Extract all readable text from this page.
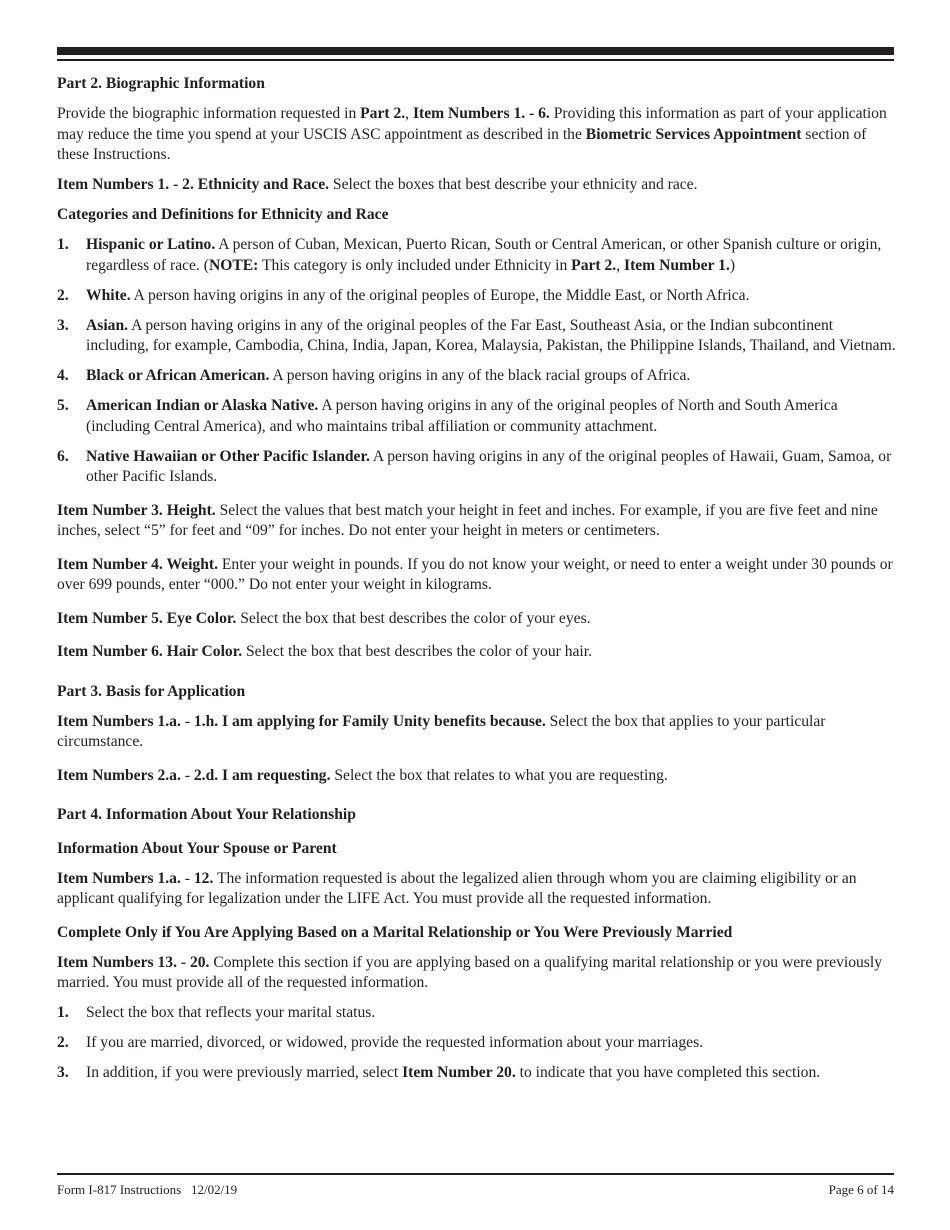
Part 2. Biographic Information

Provide the biographic information requested in Part 2., Item Numbers 1. - 6. Providing this information as part of your application may reduce the time you spend at your USCIS ASC appointment as described in the Biometric Services Appointment section of these Instructions.

Item Numbers 1. - 2. Ethnicity and Race. Select the boxes that best describe your ethnicity and race.

Categories and Definitions for Ethnicity and Race
1. Hispanic or Latino. A person of Cuban, Mexican, Puerto Rican, South or Central American, or other Spanish culture or origin, regardless of race. (NOTE: This category is only included under Ethnicity in Part 2., Item Number 1.)
2. White. A person having origins in any of the original peoples of Europe, the Middle East, or North Africa.
3. Asian. A person having origins in any of the original peoples of the Far East, Southeast Asia, or the Indian subcontinent including, for example, Cambodia, China, India, Japan, Korea, Malaysia, Pakistan, the Philippine Islands, Thailand, and Vietnam.
4. Black or African American. A person having origins in any of the black racial groups of Africa.
5. American Indian or Alaska Native. A person having origins in any of the original peoples of North and South America (including Central America), and who maintains tribal affiliation or community attachment.
6. Native Hawaiian or Other Pacific Islander. A person having origins in any of the original peoples of Hawaii, Guam, Samoa, or other Pacific Islands.

Item Number 3. Height. Select the values that best match your height in feet and inches. For example, if you are five feet and nine inches, select “5” for feet and “09” for inches. Do not enter your height in meters or centimeters.

Item Number 4. Weight. Enter your weight in pounds. If you do not know your weight, or need to enter a weight under 30 pounds or over 699 pounds, enter “000.” Do not enter your weight in kilograms.

Item Number 5. Eye Color. Select the box that best describes the color of your eyes.

Item Number 6. Hair Color. Select the box that best describes the color of your hair.

Part 3. Basis for Application

Item Numbers 1.a. - 1.h. I am applying for Family Unity benefits because. Select the box that applies to your particular circumstance.

Item Numbers 2.a. - 2.d. I am requesting. Select the box that relates to what you are requesting.

Part 4. Information About Your Relationship
Information About Your Spouse or Parent

Item Numbers 1.a. - 12. The information requested is about the legalized alien through whom you are claiming eligibility or an applicant qualifying for legalization under the LIFE Act. You must provide all the requested information.

Complete Only if You Are Applying Based on a Marital Relationship or You Were Previously Married

Item Numbers 13. - 20. Complete this section if you are applying based on a qualifying marital relationship or you were previously married. You must provide all of the requested information.

1. Select the box that reflects your marital status.
2. If you are married, divorced, or widowed, provide the requested information about your marriages.
3. In addition, if you were previously married, select Item Number 20. to indicate that you have completed this section.
Form I-817 Instructions   12/02/19	Page 6 of 14
